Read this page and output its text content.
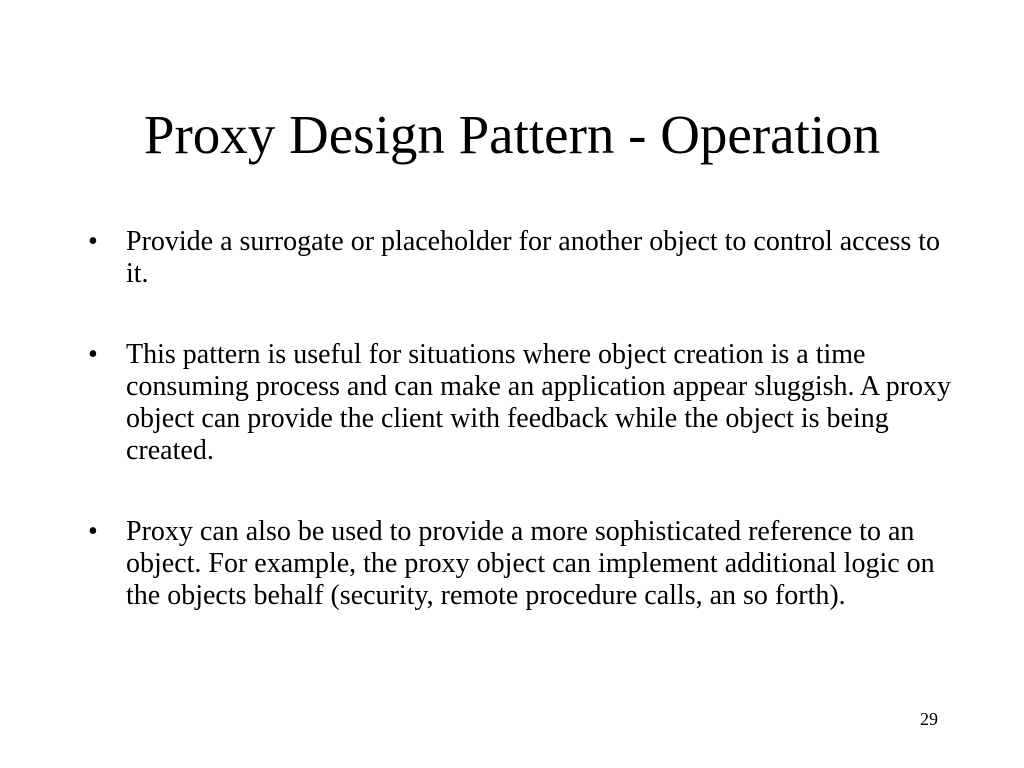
Proxy Design Pattern - Operation
• Provide a surrogate or placeholder for another object to control access to it.
• This pattern is useful for situations where object creation is a time consuming process and can make an application appear sluggish. A proxy object can provide the client with feedback while the object is being created.
• Proxy can also be used to provide a more sophisticated reference to an object. For example, the proxy object can implement additional logic on the objects behalf (security, remote procedure calls, an so forth).
29
